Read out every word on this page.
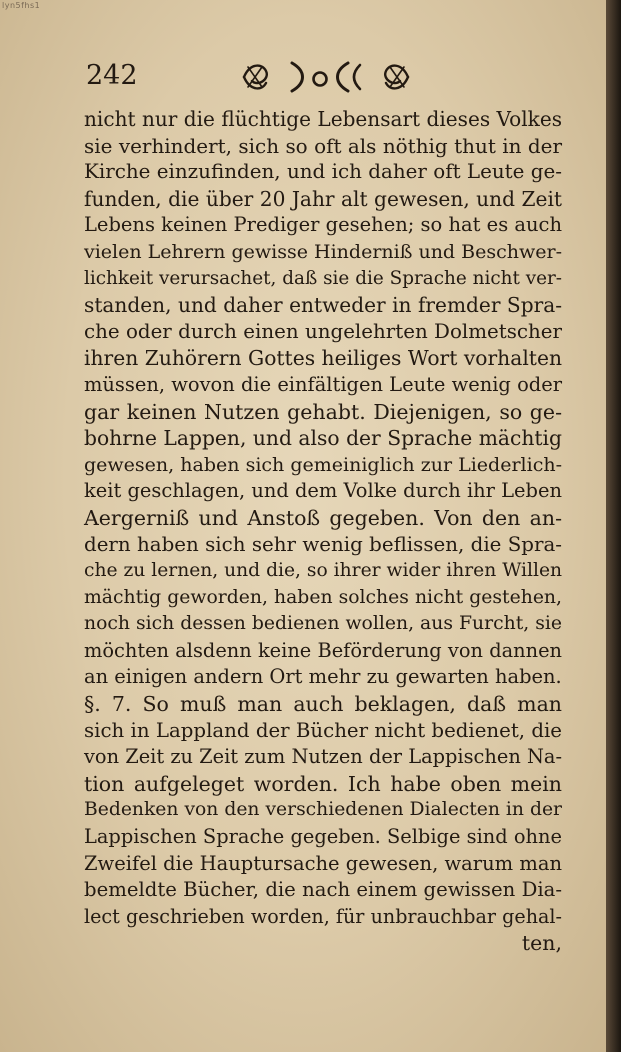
lyn5fhs1
242
nicht nur die flüchtige Lebensart dieses Volkes
sie verhindert, sich so oft als nöthig thut in der
Kirche einzufinden, und ich daher oft Leute ge-
funden, die über 20 Jahr alt gewesen, und Zeit
Lebens keinen Prediger gesehen; so hat es auch
vielen Lehrern gewisse Hinderniß und Beschwer-
lichkeit verursachet, daß sie die Sprache nicht ver-
standen, und daher entweder in fremder Spra-
che oder durch einen ungelehrten Dolmetscher
ihren Zuhörern Gottes heiliges Wort vorhalten
müssen, wovon die einfältigen Leute wenig oder
gar keinen Nutzen gehabt. Diejenigen, so ge-
bohrne Lappen, und also der Sprache mächtig
gewesen, haben sich gemeiniglich zur Liederlich-
keit geschlagen, und dem Volke durch ihr Leben
Aergerniß und Anstoß gegeben. Von den an-
dern haben sich sehr wenig beflissen, die Spra-
che zu lernen, und die, so ihrer wider ihren Willen
mächtig geworden, haben solches nicht gestehen,
noch sich dessen bedienen wollen, aus Furcht, sie
möchten alsdenn keine Beförderung von dannen
an einigen andern Ort mehr zu gewarten haben.
§. 7. So muß man auch beklagen, daß man
sich in Lappland der Bücher nicht bedienet, die
von Zeit zu Zeit zum Nutzen der Lappischen Na-
tion aufgeleget worden. Ich habe oben mein
Bedenken von den verschiedenen Dialecten in der
Lappischen Sprache gegeben. Selbige sind ohne
Zweifel die Hauptursache gewesen, warum man
bemeldte Bücher, die nach einem gewissen Dia-
lect geschrieben worden, für unbrauchbar gehal-
ten,
